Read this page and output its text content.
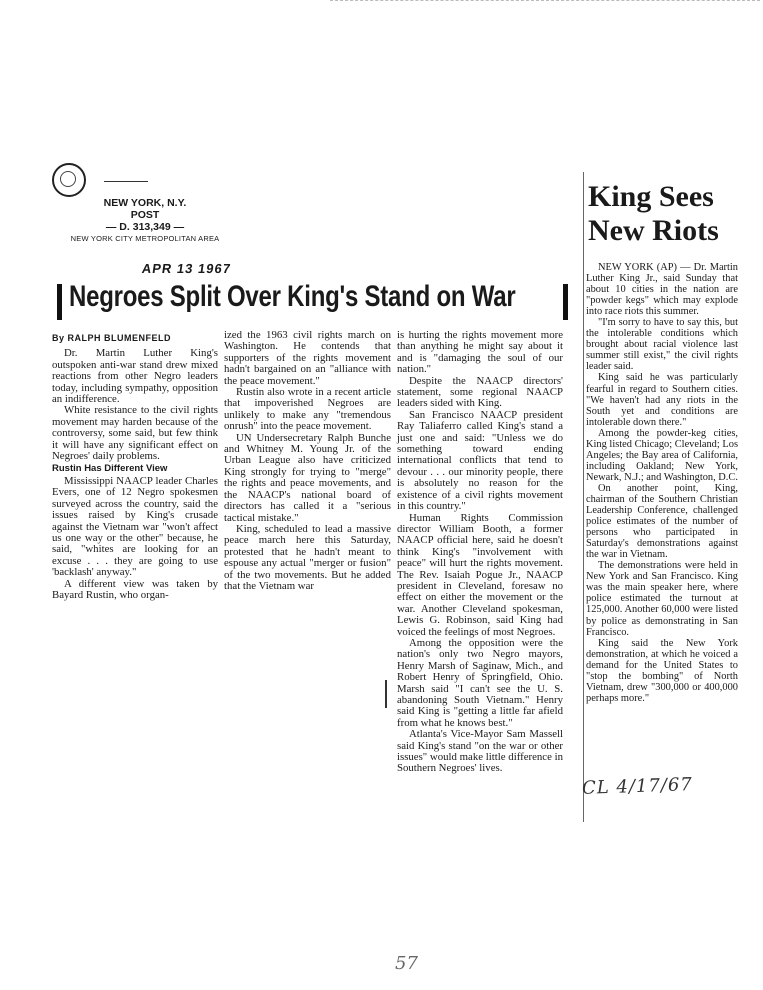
NEW YORK, N.Y.
POST
— D. 313,349 —
NEW YORK CITY METROPOLITAN AREA
APR 13 1967
Negroes Split Over King's Stand on War
By RALPH BLUMENFELD

Dr. Martin Luther King's outspoken anti-war stand drew mixed reactions from other Negro leaders today, including sympathy, opposition an indifference.

White resistance to the civil rights movement may harden because of the controversy, some said, but few think it will have any significant effect on Negroes' daily problems.

Rustin Has Different View

Mississippi NAACP leader Charles Evers, one of 12 Negro spokesmen surveyed across the country, said the issues raised by King's crusade against the Vietnam war "won't affect us one way or the other" because, he said, "whites are looking for an excuse . . . they are going to use 'backlash' anyway."

A different view was taken by Bayard Rustin, who organ-

ized the 1963 civil rights march on Washington. He contends that supporters of the rights movement hadn't bargained on an "alliance with the peace movement."

Rustin also wrote in a recent article that impoverished Negroes are unlikely to make any "tremendous onrush" into the peace movement.

UN Undersecretary Ralph Bunche and Whitney M. Young Jr. of the Urban League also have criticized King strongly for trying to "merge" the rights and peace movements, and the NAACP's national board of directors has called it a "serious tactical mistake."

King, scheduled to lead a massive peace march here this Saturday, protested that he hadn't meant to espouse any actual "merger or fusion" of the two movements. But he added that the Vietnam war

is hurting the rights movement more than anything he might say about it and is "damaging the soul of our nation."

Despite the NAACP directors' statement, some regional NAACP leaders sided with King.

San Francisco NAACP president Ray Taliaferro called King's stand a just one and said: "Unless we do something toward ending international conflicts that tend to devour . . . our minority people, there is absolutely no reason for the existence of a civil rights movement in this country."

Human Rights Commission director William Booth, a former NAACP official here, said he doesn't think King's "involvement with peace" will hurt the rights movement. The Rev. Isaiah Pogue Jr., NAACP president in Cleveland, foresaw no effect on either the movement or the war. Another Cleveland spokesman, Lewis G. Robinson, said King had voiced the feelings of most Negroes.

Among the opposition were the nation's only two Negro mayors, Henry Marsh of Saginaw, Mich., and Robert Henry of Springfield, Ohio. Marsh said "I can't see the U. S. abandoning South Vietnam." Henry said King is "getting a little far afield from what he knows best."

Atlanta's Vice-Mayor Sam Massell said King's stand "on the war or other issues" would make little difference in Southern Negroes' lives.

King Sees
New Riots

NEW YORK (AP) — Dr. Martin Luther King Jr., said Sunday that about 10 cities in the nation are "powder kegs" which may explode into race riots this summer.

"I'm sorry to have to say this, but the intolerable conditions which brought about racial violence last summer still exist," the civil rights leader said.

King said he was particularly fearful in regard to Southern cities. "We haven't had any riots in the South yet and conditions are intolerable down there."

Among the powder-keg cities, King listed Chicago; Cleveland; Los Angeles; the Bay area of California, including Oakland; New York, Newark, N.J.; and Washington, D.C.

On another point, King, chairman of the Southern Christian Leadership Conference, challenged police estimates of the number of persons who participated in Saturday's demonstrations against the war in Vietnam.

The demonstrations were held in New York and San Francisco. King was the main speaker here, where police estimated the turnout at 125,000. Another 60,000 were listed by police as demonstrating in San Francisco.

King said the New York demonstration, at which he voiced a demand for the United States to "stop the bombing" of North Vietnam, drew "300,000 or 400,000 perhaps more."

CL 4/17/67
57
